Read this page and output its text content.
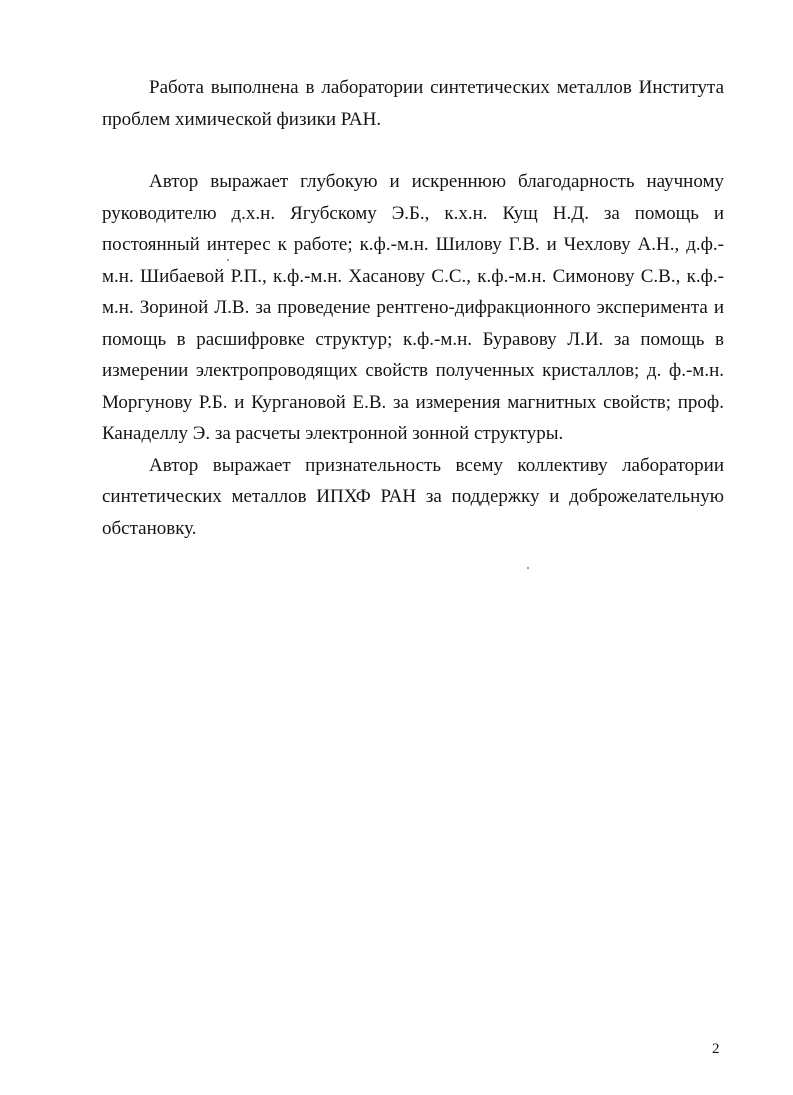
Работа выполнена в лаборатории синтетических металлов Института проблем химической физики РАН.

Автор выражает глубокую и искреннюю благодарность научному руководителю д.х.н. Ягубскому Э.Б., к.х.н. Кущ Н.Д. за помощь и постоянный интерес к работе; к.ф.-м.н. Шилову Г.В. и Чехлову А.Н., д.ф.-м.н. Шибаевой Р.П., к.ф.-м.н. Хасанову С.С., к.ф.-м.н. Симонову С.В., к.ф.-м.н. Зориной Л.В. за проведение рентгено-дифракционного эксперимента и помощь в расшифровке структур; к.ф.-м.н. Буравову Л.И. за помощь в измерении электропроводящих свойств полученных кристаллов; д. ф.-м.н. Моргунову Р.Б. и Кургановой Е.В. за измерения магнитных свойств; проф. Канаделлу Э. за расчеты электронной зонной структуры.

Автор выражает признательность всему коллективу лаборатории синтетических металлов ИПХФ РАН за поддержку и доброжелательную обстановку.

2
